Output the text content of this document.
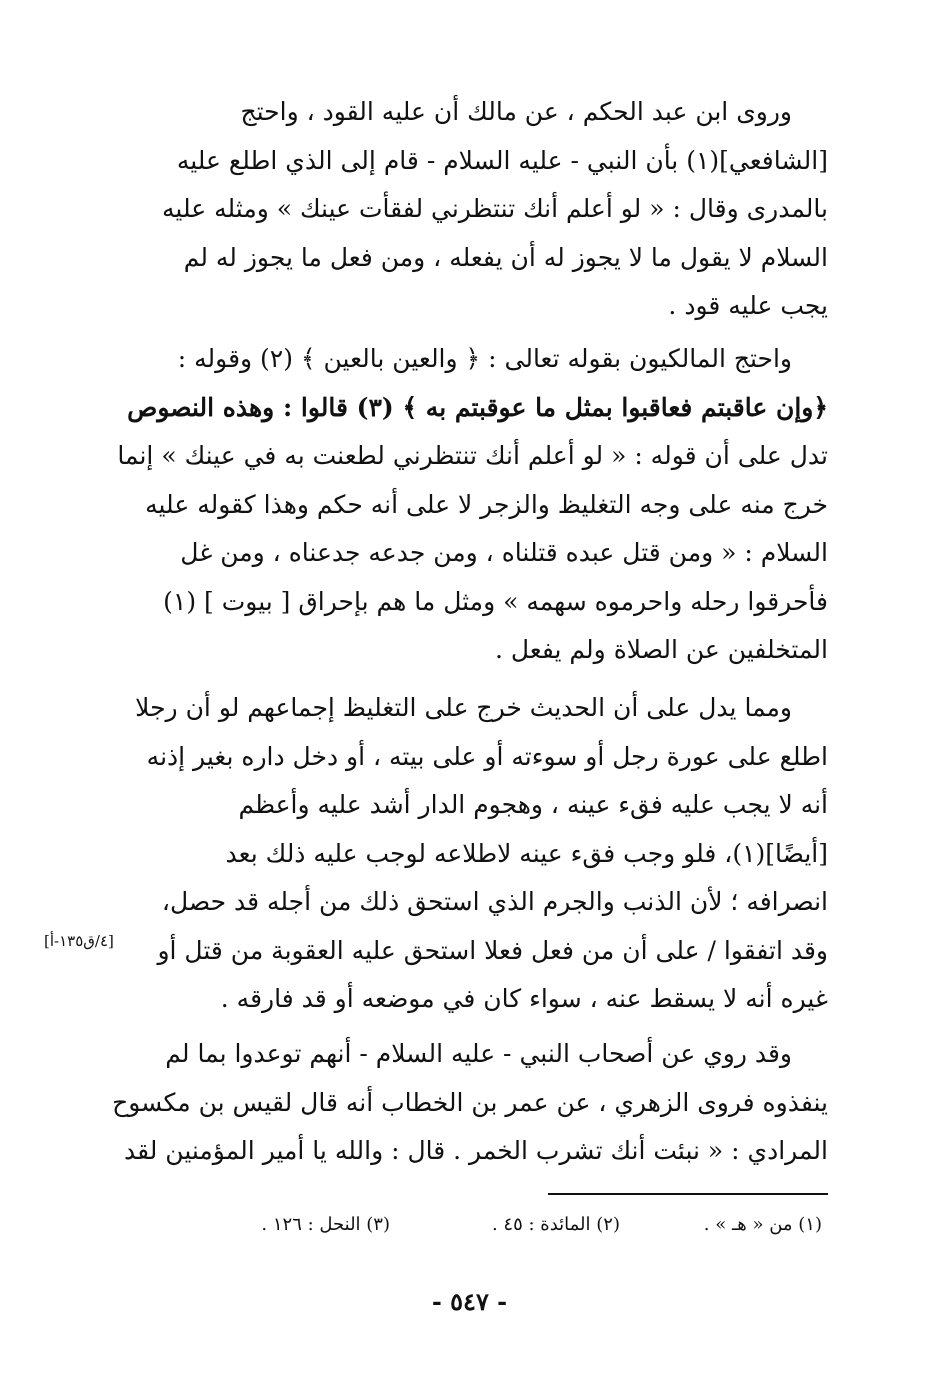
وروى ابن عبد الحكم ، عن مالك أن عليه القود ، واحتج
[الشافعي](١) بأن النبي - عليه السلام - قام إلى الذي اطلع عليه
بالمدرى وقال : « لو أعلم أنك تنتظرني لفقأت عينك » ومثله عليه
السلام لا يقول ما لا يجوز له أن يفعله ، ومن فعل ما يجوز له لم
يجب عليه قود .

واحتج المالكيون بقوله تعالى : ﴿ والعين بالعين ﴾ (٢) وقوله :
﴿وإن عاقبتم فعاقبوا بمثل ما عوقبتم به ﴾ (٣) قالوا : وهذه النصوص
تدل على أن قوله : « لو أعلم أنك تنتظرني لطعنت به في عينك » إنما
خرج منه على وجه التغليظ والزجر لا على أنه حكم وهذا كقوله عليه
السلام : « ومن قتل عبده قتلناه ، ومن جدعه جدعناه ، ومن غل
فأحرقوا رحله واحرموه سهمه » ومثل ما هم بإحراق [ بيوت ] (١)
المتخلفين عن الصلاة ولم يفعل .

ومما يدل على أن الحديث خرج على التغليظ إجماعهم لو أن رجلا
اطلع على عورة رجل أو سوءته أو على بيته ، أو دخل داره بغير إذنه
أنه لا يجب عليه فقء عينه ، وهجوم الدار أشد عليه وأعظم
[أيضًا](١)، فلو وجب فقء عينه لاطلاعه لوجب عليه ذلك بعد
انصرافه ؛ لأن الذنب والجرم الذي استحق ذلك من أجله قد حصل،
وقد اتفقوا / على أن من فعل فعلا استحق عليه العقوبة من قتل أو
غيره أنه لا يسقط عنه ، سواء كان في موضعه أو قد فارقه .

[٤/ق١٣٥-أ]

وقد روي عن أصحاب النبي - عليه السلام - أنهم توعدوا بما لم
ينفذوه فروى الزهري ، عن عمر بن الخطاب أنه قال لقيس بن مكسوح
المرادي : « نبئت أنك تشرب الخمر . قال : والله يا أمير المؤمنين لقد

(١) من « هـ » .
(٢) المائدة : ٤٥ .
(٣) النحل : ١٢٦ .
- ٥٤٧ -
